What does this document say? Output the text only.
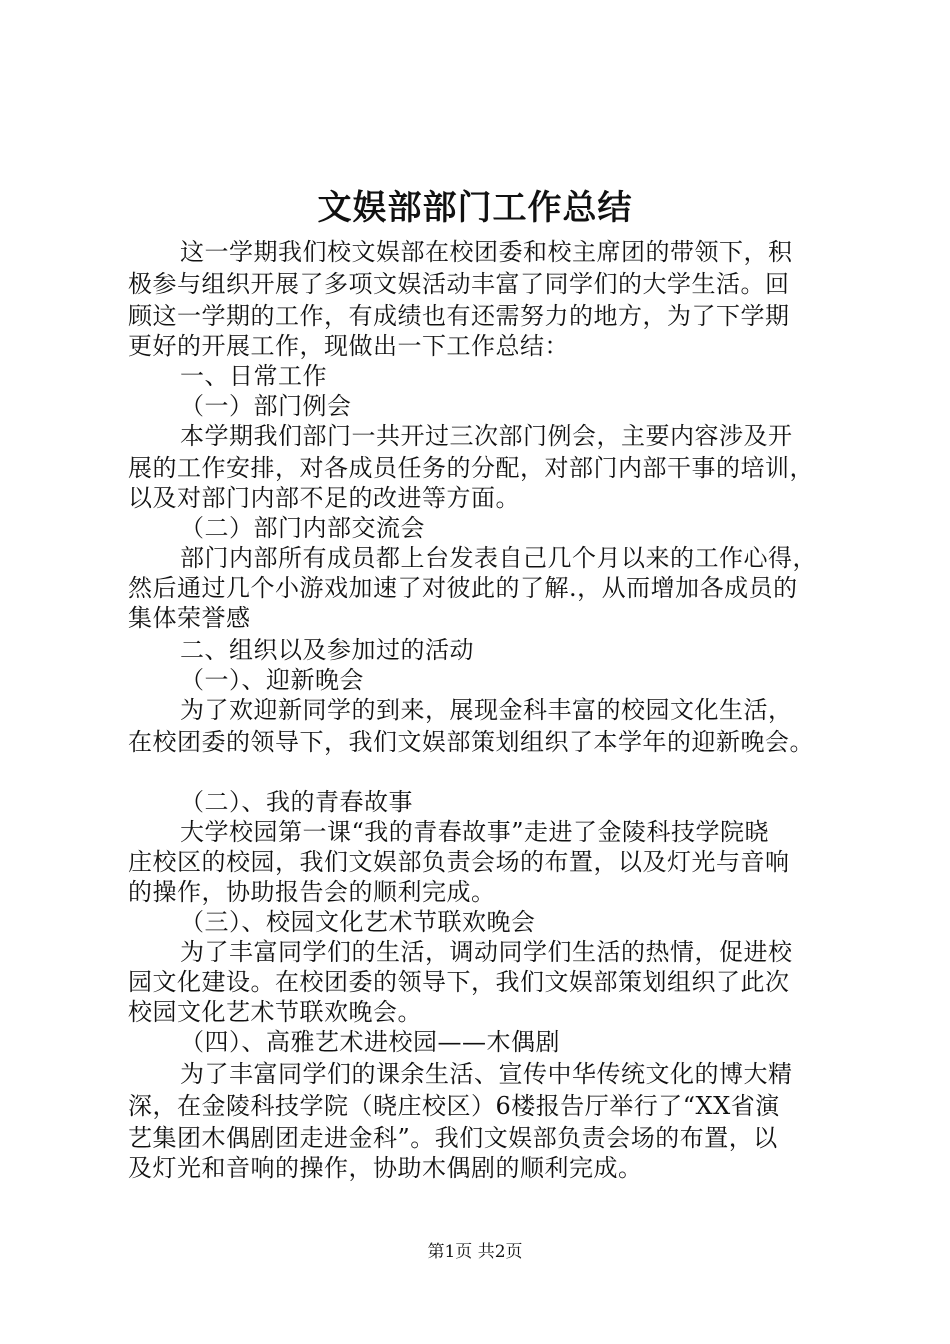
文娱部部门工作总结
这一学期我们校文娱部在校团委和校主席团的带领下，积
极参与组织开展了多项文娱活动丰富了同学们的大学生活。回
顾这一学期的工作，有成绩也有还需努力的地方，为了下学期
更好的开展工作，现做出一下工作总结：
一、日常工作
（一）部门例会
本学期我们部门一共开过三次部门例会，主要内容涉及开
展的工作安排，对各成员任务的分配，对部门内部干事的培训，
以及对部门内部不足的改进等方面。
（二）部门内部交流会
部门内部所有成员都上台发表自己几个月以来的工作心得，
然后通过几个小游戏加速了对彼此的了解.，从而增加各成员的
集体荣誉感
二、组织以及参加过的活动
（一）、迎新晚会
为了欢迎新同学的到来，展现金科丰富的校园文化生活，
在校团委的领导下，我们文娱部策划组织了本学年的迎新晚会。
（二）、我的青春故事
大学校园第一课“我的青春故事”走进了金陵科技学院晓
庄校区的校园，我们文娱部负责会场的布置，以及灯光与音响
的操作，协助报告会的顺利完成。
（三）、校园文化艺术节联欢晚会
为了丰富同学们的生活，调动同学们生活的热情，促进校
园文化建设。在校团委的领导下，我们文娱部策划组织了此次
校园文化艺术节联欢晚会。
（四）、高雅艺术进校园——木偶剧
为了丰富同学们的课余生活、宣传中华传统文化的博大精
深，在金陵科技学院（晓庄校区）6楼报告厅举行了“XX省演
艺集团木偶剧团走进金科”。我们文娱部负责会场的布置，以
及灯光和音响的操作，协助木偶剧的顺利完成。
第1页 共2页
